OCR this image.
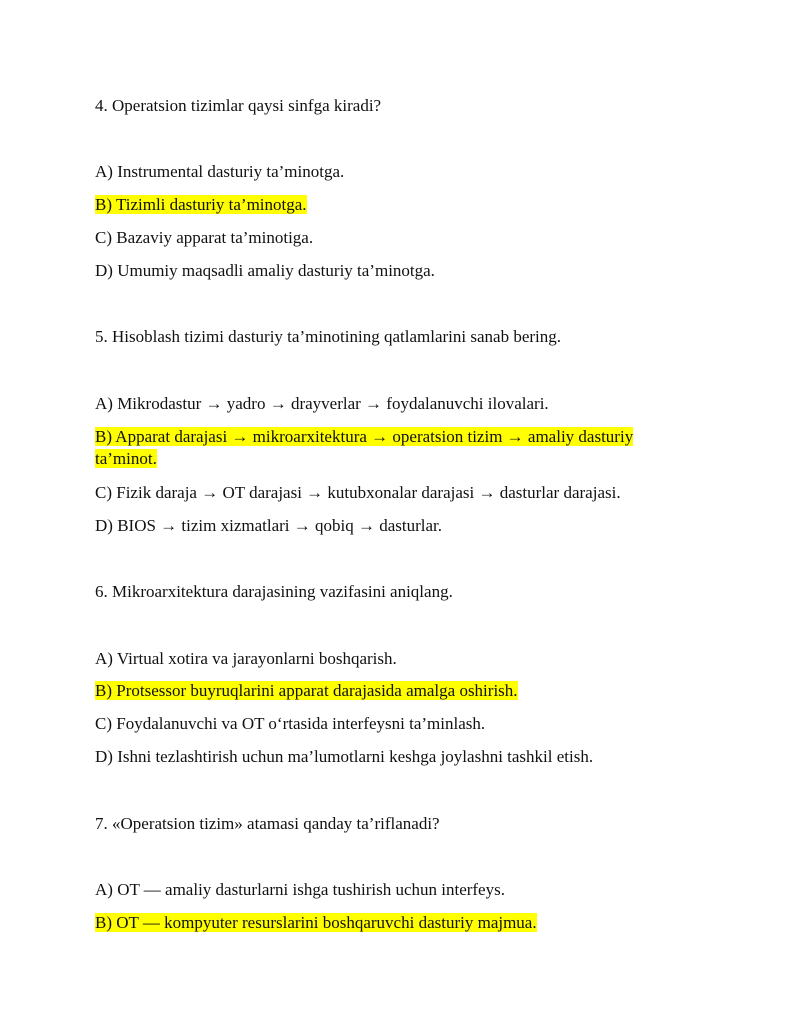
4. Operatsion tizimlar qaysi sinfga kiradi?
A) Instrumental dasturiy ta’minotga.
B) Tizimli dasturiy ta’minotga.
C) Bazaviy apparat ta’minotiga.
D) Umumiy maqsadli amaliy dasturiy ta’minotga.
5. Hisoblash tizimi dasturiy ta’minotining qatlamlarini sanab bering.
A) Mikrodastur → yadro → drayverlar → foydalanuvchi ilovalari.
B) Apparat darajasi → mikroarxitektura → operatsion tizim → amaliy dasturiy ta’minot.
C) Fizik daraja → OT darajasi → kutubxonalar darajasi → dasturlar darajasi.
D) BIOS → tizim xizmatlari → qobiq → dasturlar.
6. Mikroarxitektura darajasining vazifasini aniqlang.
A) Virtual xotira va jarayonlarni boshqarish.
B) Protsessor buyruqlarini apparat darajasida amalga oshirish.
C) Foydalanuvchi va OT o‘rtasida interfeysni ta’minlash.
D) Ishni tezlashtirish uchun ma’lumotlarni keshga joylashni tashkil etish.
7. «Operatsion tizim» atamasi qanday ta’riflanadi?
A) OT — amaliy dasturlarni ishga tushirish uchun interfeys.
B) OT — kompyuter resurslarini boshqaruvchi dasturiy majmua.
